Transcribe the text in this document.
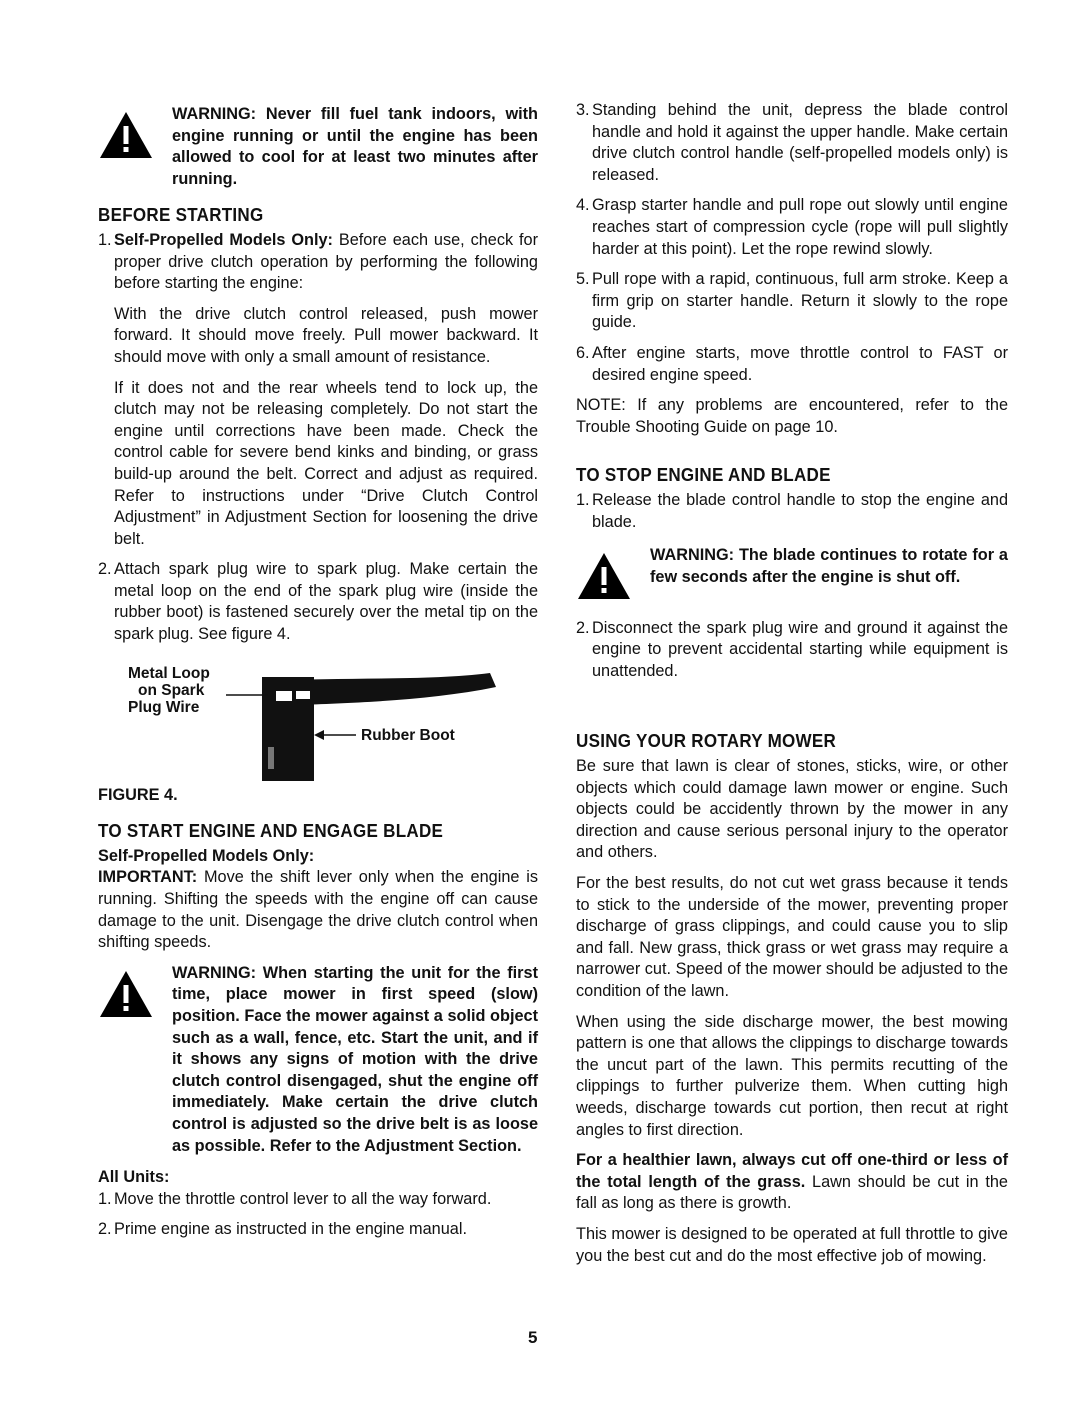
WARNING: Never fill fuel tank indoors, with engine running or until the engine has been allowed to cool for at least two minutes after running.
BEFORE STARTING
1. Self-Propelled Models Only: Before each use, check for proper drive clutch operation by performing the following before starting the engine:

With the drive clutch control released, push mower forward. It should move freely. Pull mower backward. It should move with only a small amount of resistance.

If it does not and the rear wheels tend to lock up, the clutch may not be releasing completely. Do not start the engine until corrections have been made. Check the control cable for severe bend kinks and binding, or grass build-up around the belt. Correct and adjust as required. Refer to instructions under “Drive Clutch Control Adjustment” in Adjustment Section for loosening the drive belt.

2. Attach spark plug wire to spark plug. Make certain the metal loop on the end of the spark plug wire (inside the rubber boot) is fastened securely over the metal tip on the spark plug. See figure 4.
Metal Loop
on Spark
Plug Wire
Rubber Boot
FIGURE 4.
TO START ENGINE AND ENGAGE BLADE
Self-Propelled Models Only:

IMPORTANT: Move the shift lever only when the engine is running. Shifting the speeds with the engine off can cause damage to the unit. Disengage the drive clutch control when shifting speeds.

WARNING: When starting the unit for the first time, place mower in first speed (slow) position. Face the mower against a solid object such as a wall, fence, etc. Start the unit, and if it shows any signs of motion with the drive clutch control disengaged, shut the engine off immediately. Make certain the drive clutch control is adjusted so the drive belt is as loose as possible. Refer to the Adjustment Section.
All Units:
1. Move the throttle control lever to all the way forward.
2. Prime engine as instructed in the engine manual.
3. Standing behind the unit, depress the blade control handle and hold it against the upper handle. Make certain drive clutch control handle (self-propelled models only) is released.
4. Grasp starter handle and pull rope out slowly until engine reaches start of compression cycle (rope will pull slightly harder at this point). Let the rope rewind slowly.
5. Pull rope with a rapid, continuous, full arm stroke. Keep a firm grip on starter handle. Return it slowly to the rope guide.
6. After engine starts, move throttle control to FAST or desired engine speed.

NOTE: If any problems are encountered, refer to the Trouble Shooting Guide on page 10.

TO STOP ENGINE AND BLADE
1. Release the blade control handle to stop the engine and blade.
WARNING: The blade continues to rotate for a few seconds after the engine is shut off.
2. Disconnect the spark plug wire and ground it against the engine to prevent accidental starting while equipment is unattended.
USING YOUR ROTARY MOWER

Be sure that lawn is clear of stones, sticks, wire, or other objects which could damage lawn mower or engine. Such objects could be accidently thrown by the mower in any direction and cause serious personal injury to the operator and others.

For the best results, do not cut wet grass because it tends to stick to the underside of the mower, preventing proper discharge of grass clippings, and could cause you to slip and fall. New grass, thick grass or wet grass may require a narrower cut. Speed of the mower should be adjusted to the condition of the lawn.

When using the side discharge mower, the best mowing pattern is one that allows the clippings to discharge towards the uncut part of the lawn. This permits recutting of the clippings to further pulverize them. When cutting high weeds, discharge towards cut portion, then recut at right angles to first direction.

For a healthier lawn, always cut off one-third or less of the total length of the grass. Lawn should be cut in the fall as long as there is growth.

This mower is designed to be operated at full throttle to give you the best cut and do the most effective job of mowing.

5
